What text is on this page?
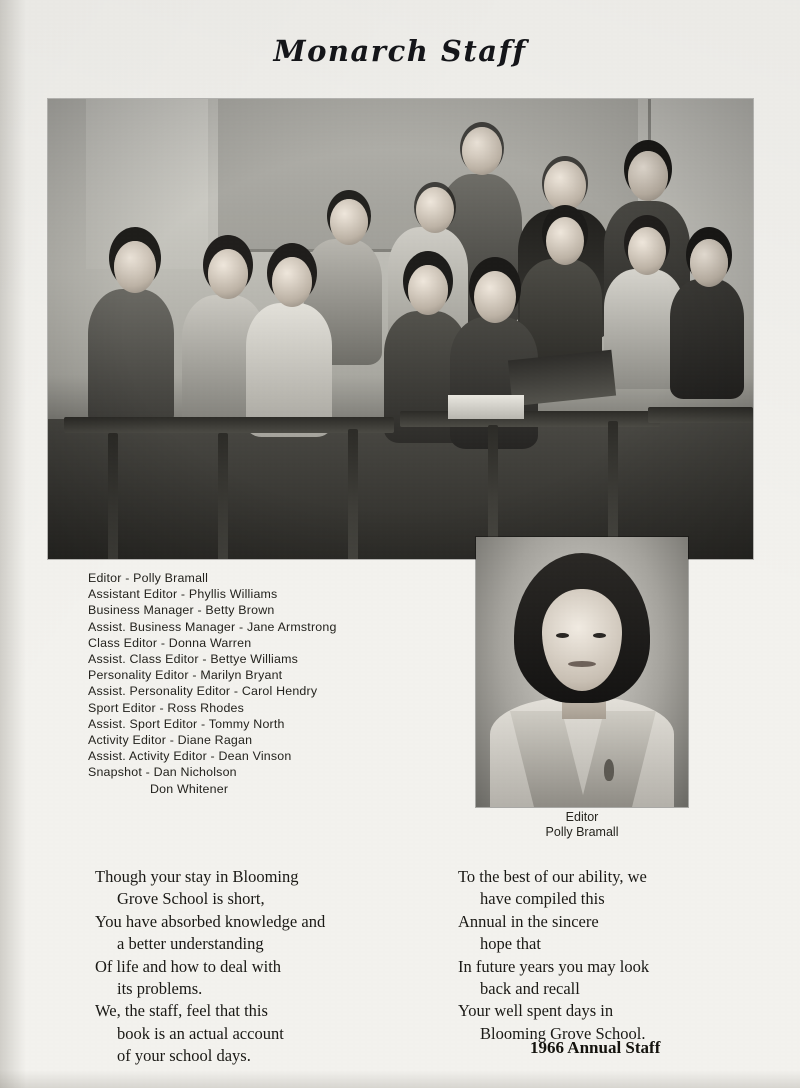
Monarch Staff
Editor
Polly Bramall
Editor - Polly Bramall
Assistant Editor - Phyllis Williams
Business Manager - Betty Brown
Assist. Business Manager - Jane Armstrong
Class Editor - Donna Warren
Assist. Class Editor - Bettye Williams
Personality Editor - Marilyn Bryant
Assist. Personality Editor - Carol Hendry
Sport Editor - Ross Rhodes
Assist. Sport Editor - Tommy North
Activity Editor - Diane Ragan
Assist. Activity Editor - Dean Vinson
Snapshot - Dan Nicholson
Don Whitener
Though your stay in Blooming
Grove School is short,
You have absorbed knowledge and
a better understanding
Of life and how to deal with
its problems.
We, the staff, feel that this
book is an actual account
of your school days.
To the best of our ability, we
have compiled this
Annual in the sincere
hope that
In future years you may look
back and recall
Your well spent days in
Blooming Grove School.
1966 Annual Staff
